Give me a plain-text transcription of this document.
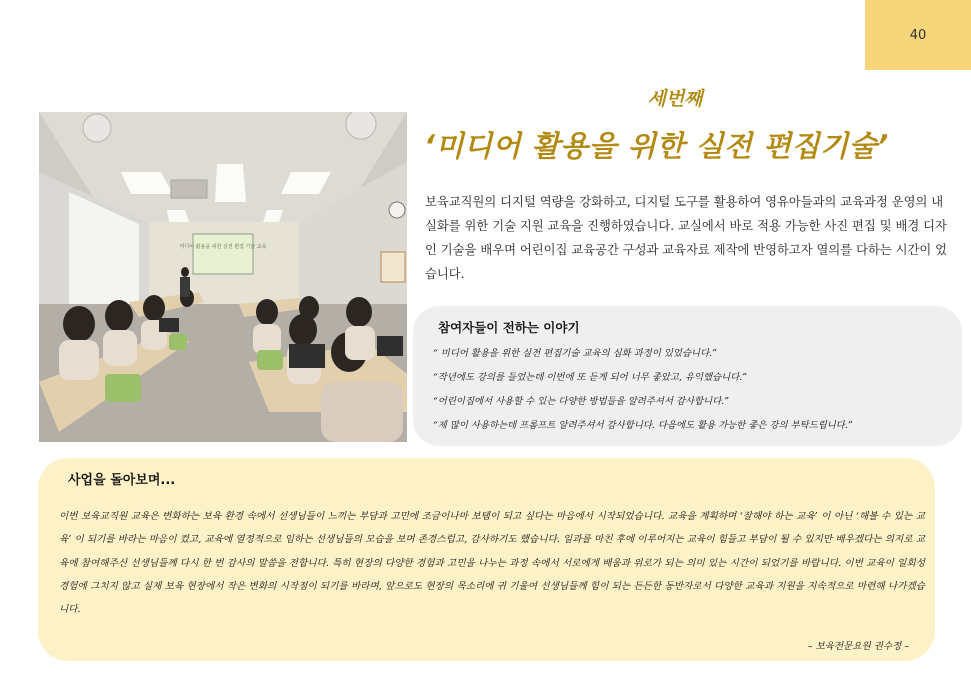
40
미디어 활용을 위한 실전 편집 기술 교육
세번째
‘미디어 활용을 위한 실전 편집기술’
보육교직원의 디지털 역량을 강화하고, 디지털 도구를 활용하여 영유아들과의 교육과정 운영의 내실화를 위한 기술 지원 교육을 진행하였습니다. 교실에서 바로 적용 가능한 사진 편집 및 배경 디자인 기술을 배우며 어린이집 교육공간 구성과 교육자료 제작에 반영하고자 열의를 다하는 시간이 었습니다.
참여자들이 전하는 이야기
“ 미디어 활용을 위한 실전 편집기술 교육의 심화 과정이 있었습니다.”
“작년에도 강의를 들었는데 이번에 또 듣게 되어 너무 좋았고, 유익했습니다.”
“어린이집에서 사용할 수 있는 다양한 방법들을 알려주셔서 감사합니다.”
“제 많이 사용하는데 프롬프트 알려주셔서 감사합니다. 다음에도 활용 가능한 좋은 강의 부탁드립니다.”
사업을 돌아보며...
이번 보육교직원 교육은 변화하는 보육 환경 속에서 선생님들이 느끼는 부담과 고민에 조금이나마 보탬이 되고 싶다는 마음에서 시작되었습니다. 교육을 계획하며 ‘잘해야 하는 교육’ 이 아닌 ‘해볼 수 있는 교육’ 이 되기를 바라는 마음이 컸고, 교육에 열정적으로 임하는 선생님들의 모습을 보며 존경스럽고, 감사하기도 했습니다. 일과를 마친 후에 이루어지는 교육이 힘들고 부담이 될 수 있지만 배우겠다는 의지로 교육에 참여해주신 선생님들께 다시 한 번 감사의 말씀을 전합니다. 특히 현장의 다양한 경험과 고민을 나누는 과정 속에서 서로에게 배움과 위로가 되는 의미 있는 시간이 되었기를 바랍니다. 이번 교육이 일회성 경험에 그치지 않고 실제 보육 현장에서 작은 변화의 시작점이 되기를 바라며, 앞으로도 현장의 목소리에 귀 기울여 선생님들께 힘이 되는 든든한 동반자로서 다양한 교육과 지원을 지속적으로 마련해 나가겠습니다.
– 보육전문요원 권수정 –
